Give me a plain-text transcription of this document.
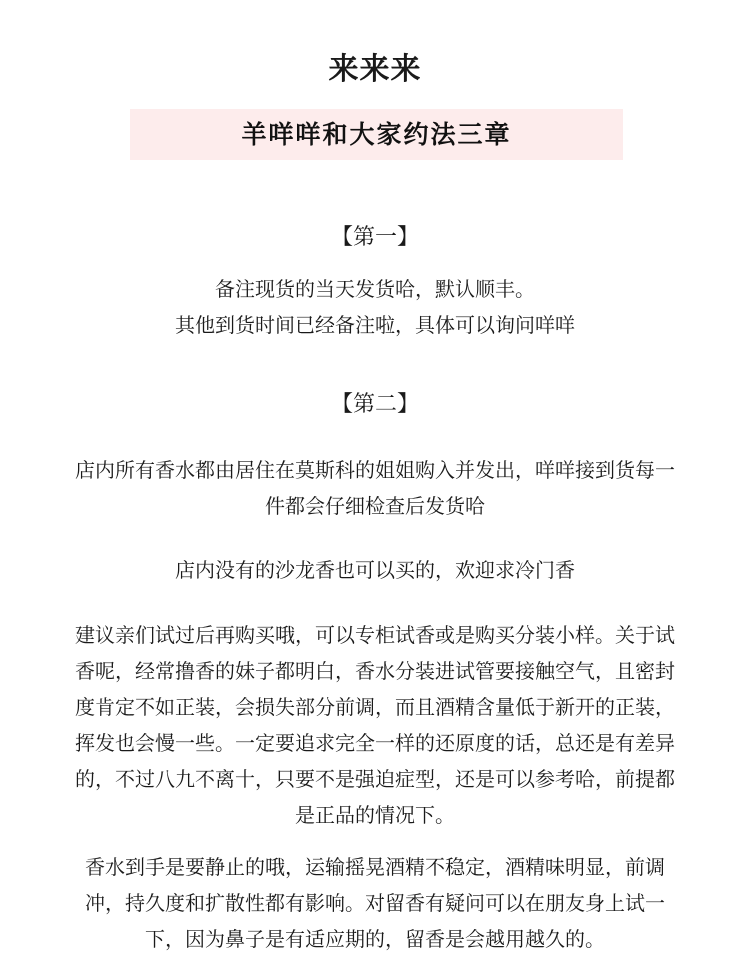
来来来
羊咩咩和大家约法三章
【第一】
备注现货的当天发货哈，默认顺丰。
其他到货时间已经备注啦，具体可以询问咩咩
【第二】
店内所有香水都由居住在莫斯科的姐姐购入并发出，咩咩接到货每一
件都会仔细检查后发货哈
店内没有的沙龙香也可以买的，欢迎求冷门香
建议亲们试过后再购买哦，可以专柜试香或是购买分装小样。关于试
香呢，经常撸香的妹子都明白，香水分装进试管要接触空气，且密封
度肯定不如正装，会损失部分前调，而且酒精含量低于新开的正装，
挥发也会慢一些。一定要追求完全一样的还原度的话，总还是有差异
的，不过八九不离十，只要不是强迫症型，还是可以参考哈，前提都
是正品的情况下。
香水到手是要静止的哦，运输摇晃酒精不稳定，酒精味明显，前调
冲，持久度和扩散性都有影响。对留香有疑问可以在朋友身上试一
下，因为鼻子是有适应期的，留香是会越用越久的。
